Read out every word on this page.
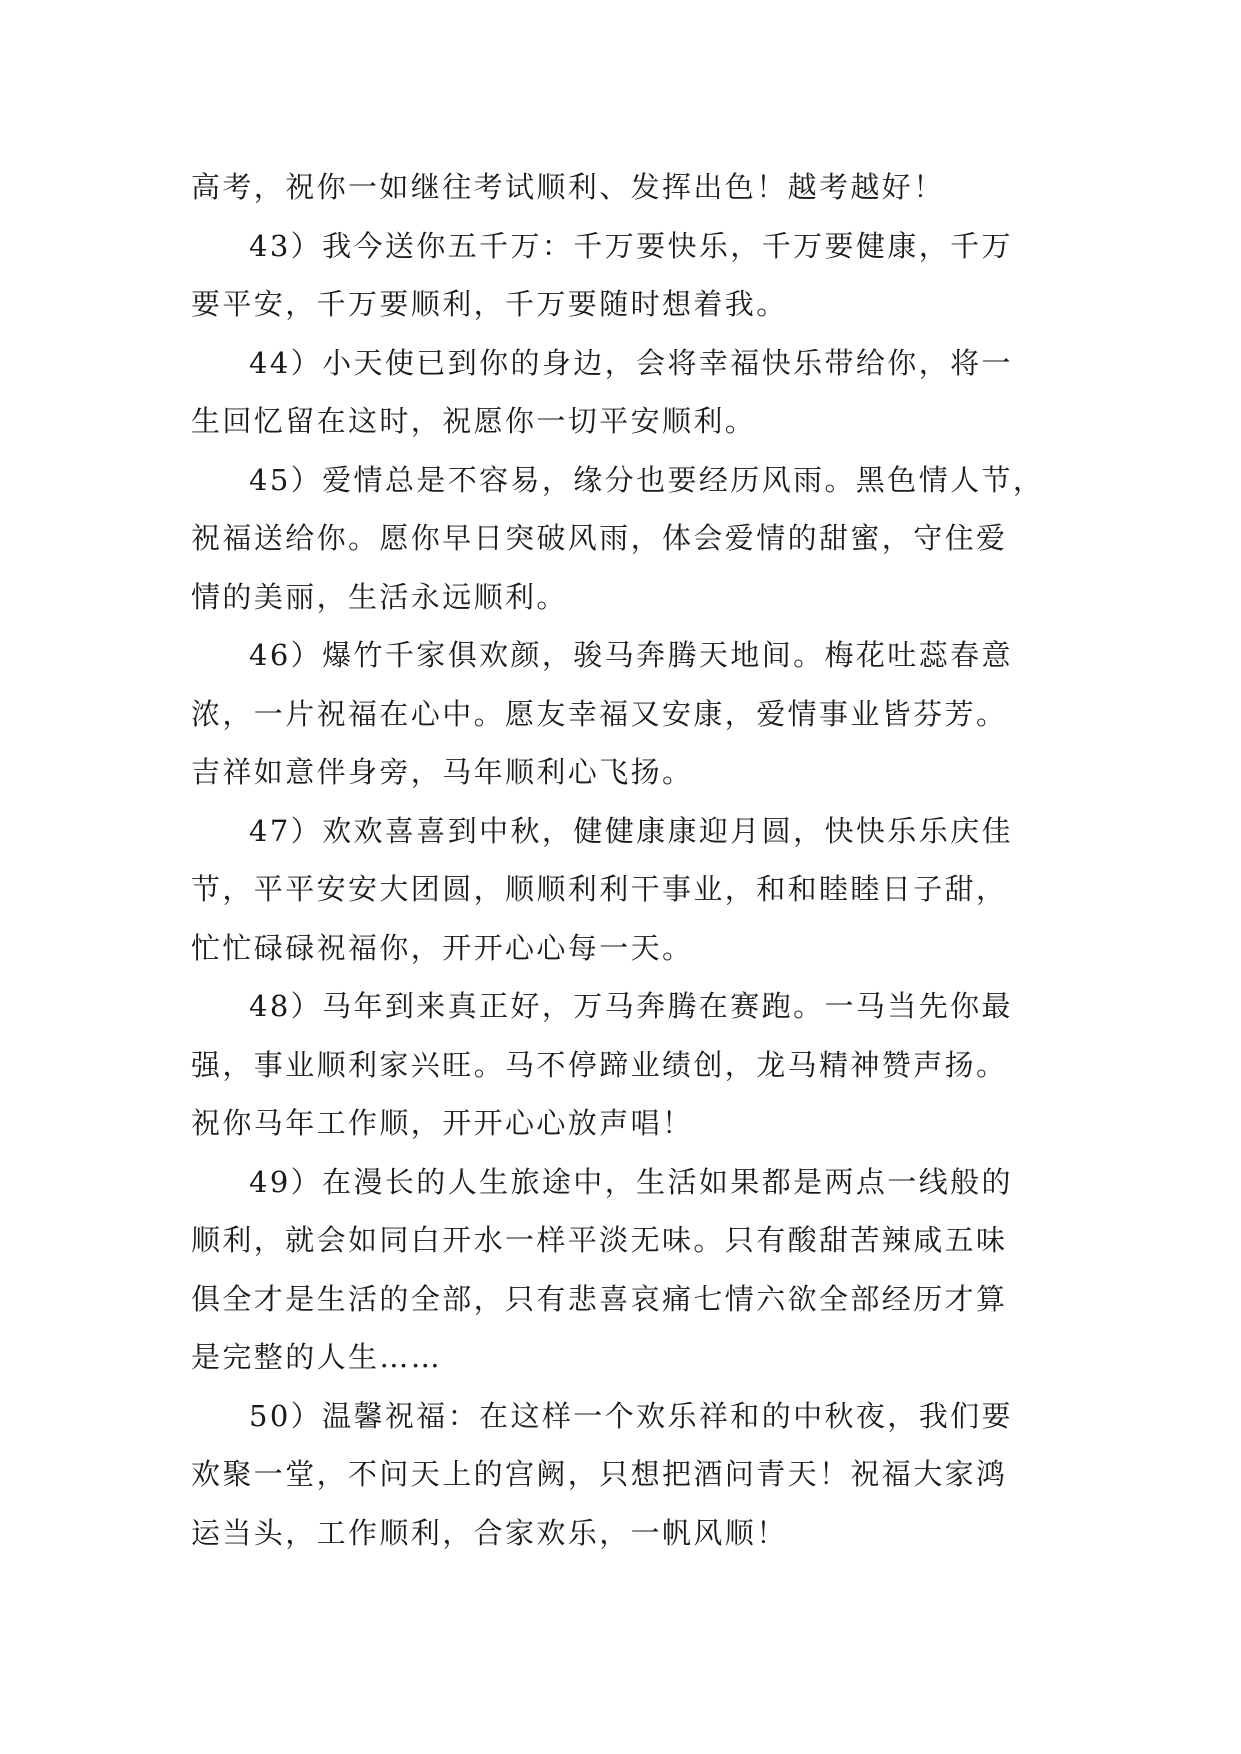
高考，祝你一如继往考试顺利、发挥出色！越考越好！

43）我今送你五千万：千万要快乐，千万要健康，千万
要平安，千万要顺利，千万要随时想着我。

44）小天使已到你的身边，会将幸福快乐带给你，将一
生回忆留在这时，祝愿你一切平安顺利。

45）爱情总是不容易，缘分也要经历风雨。黑色情人节，
祝福送给你。愿你早日突破风雨，体会爱情的甜蜜，守住爱
情的美丽，生活永远顺利。

46）爆竹千家俱欢颜，骏马奔腾天地间。梅花吐蕊春意
浓，一片祝福在心中。愿友幸福又安康，爱情事业皆芬芳。
吉祥如意伴身旁，马年顺利心飞扬。

47）欢欢喜喜到中秋，健健康康迎月圆，快快乐乐庆佳
节，平平安安大团圆，顺顺利利干事业，和和睦睦日子甜，
忙忙碌碌祝福你，开开心心每一天。

48）马年到来真正好，万马奔腾在赛跑。一马当先你最
强，事业顺利家兴旺。马不停蹄业绩创，龙马精神赞声扬。
祝你马年工作顺，开开心心放声唱！

49）在漫长的人生旅途中，生活如果都是两点一线般的
顺利，就会如同白开水一样平淡无味。只有酸甜苦辣咸五味
俱全才是生活的全部，只有悲喜哀痛七情六欲全部经历才算
是完整的人生……

50）温馨祝福：在这样一个欢乐祥和的中秋夜，我们要
欢聚一堂，不问天上的宫阙，只想把酒问青天！祝福大家鸿
运当头，工作顺利，合家欢乐，一帆风顺！
